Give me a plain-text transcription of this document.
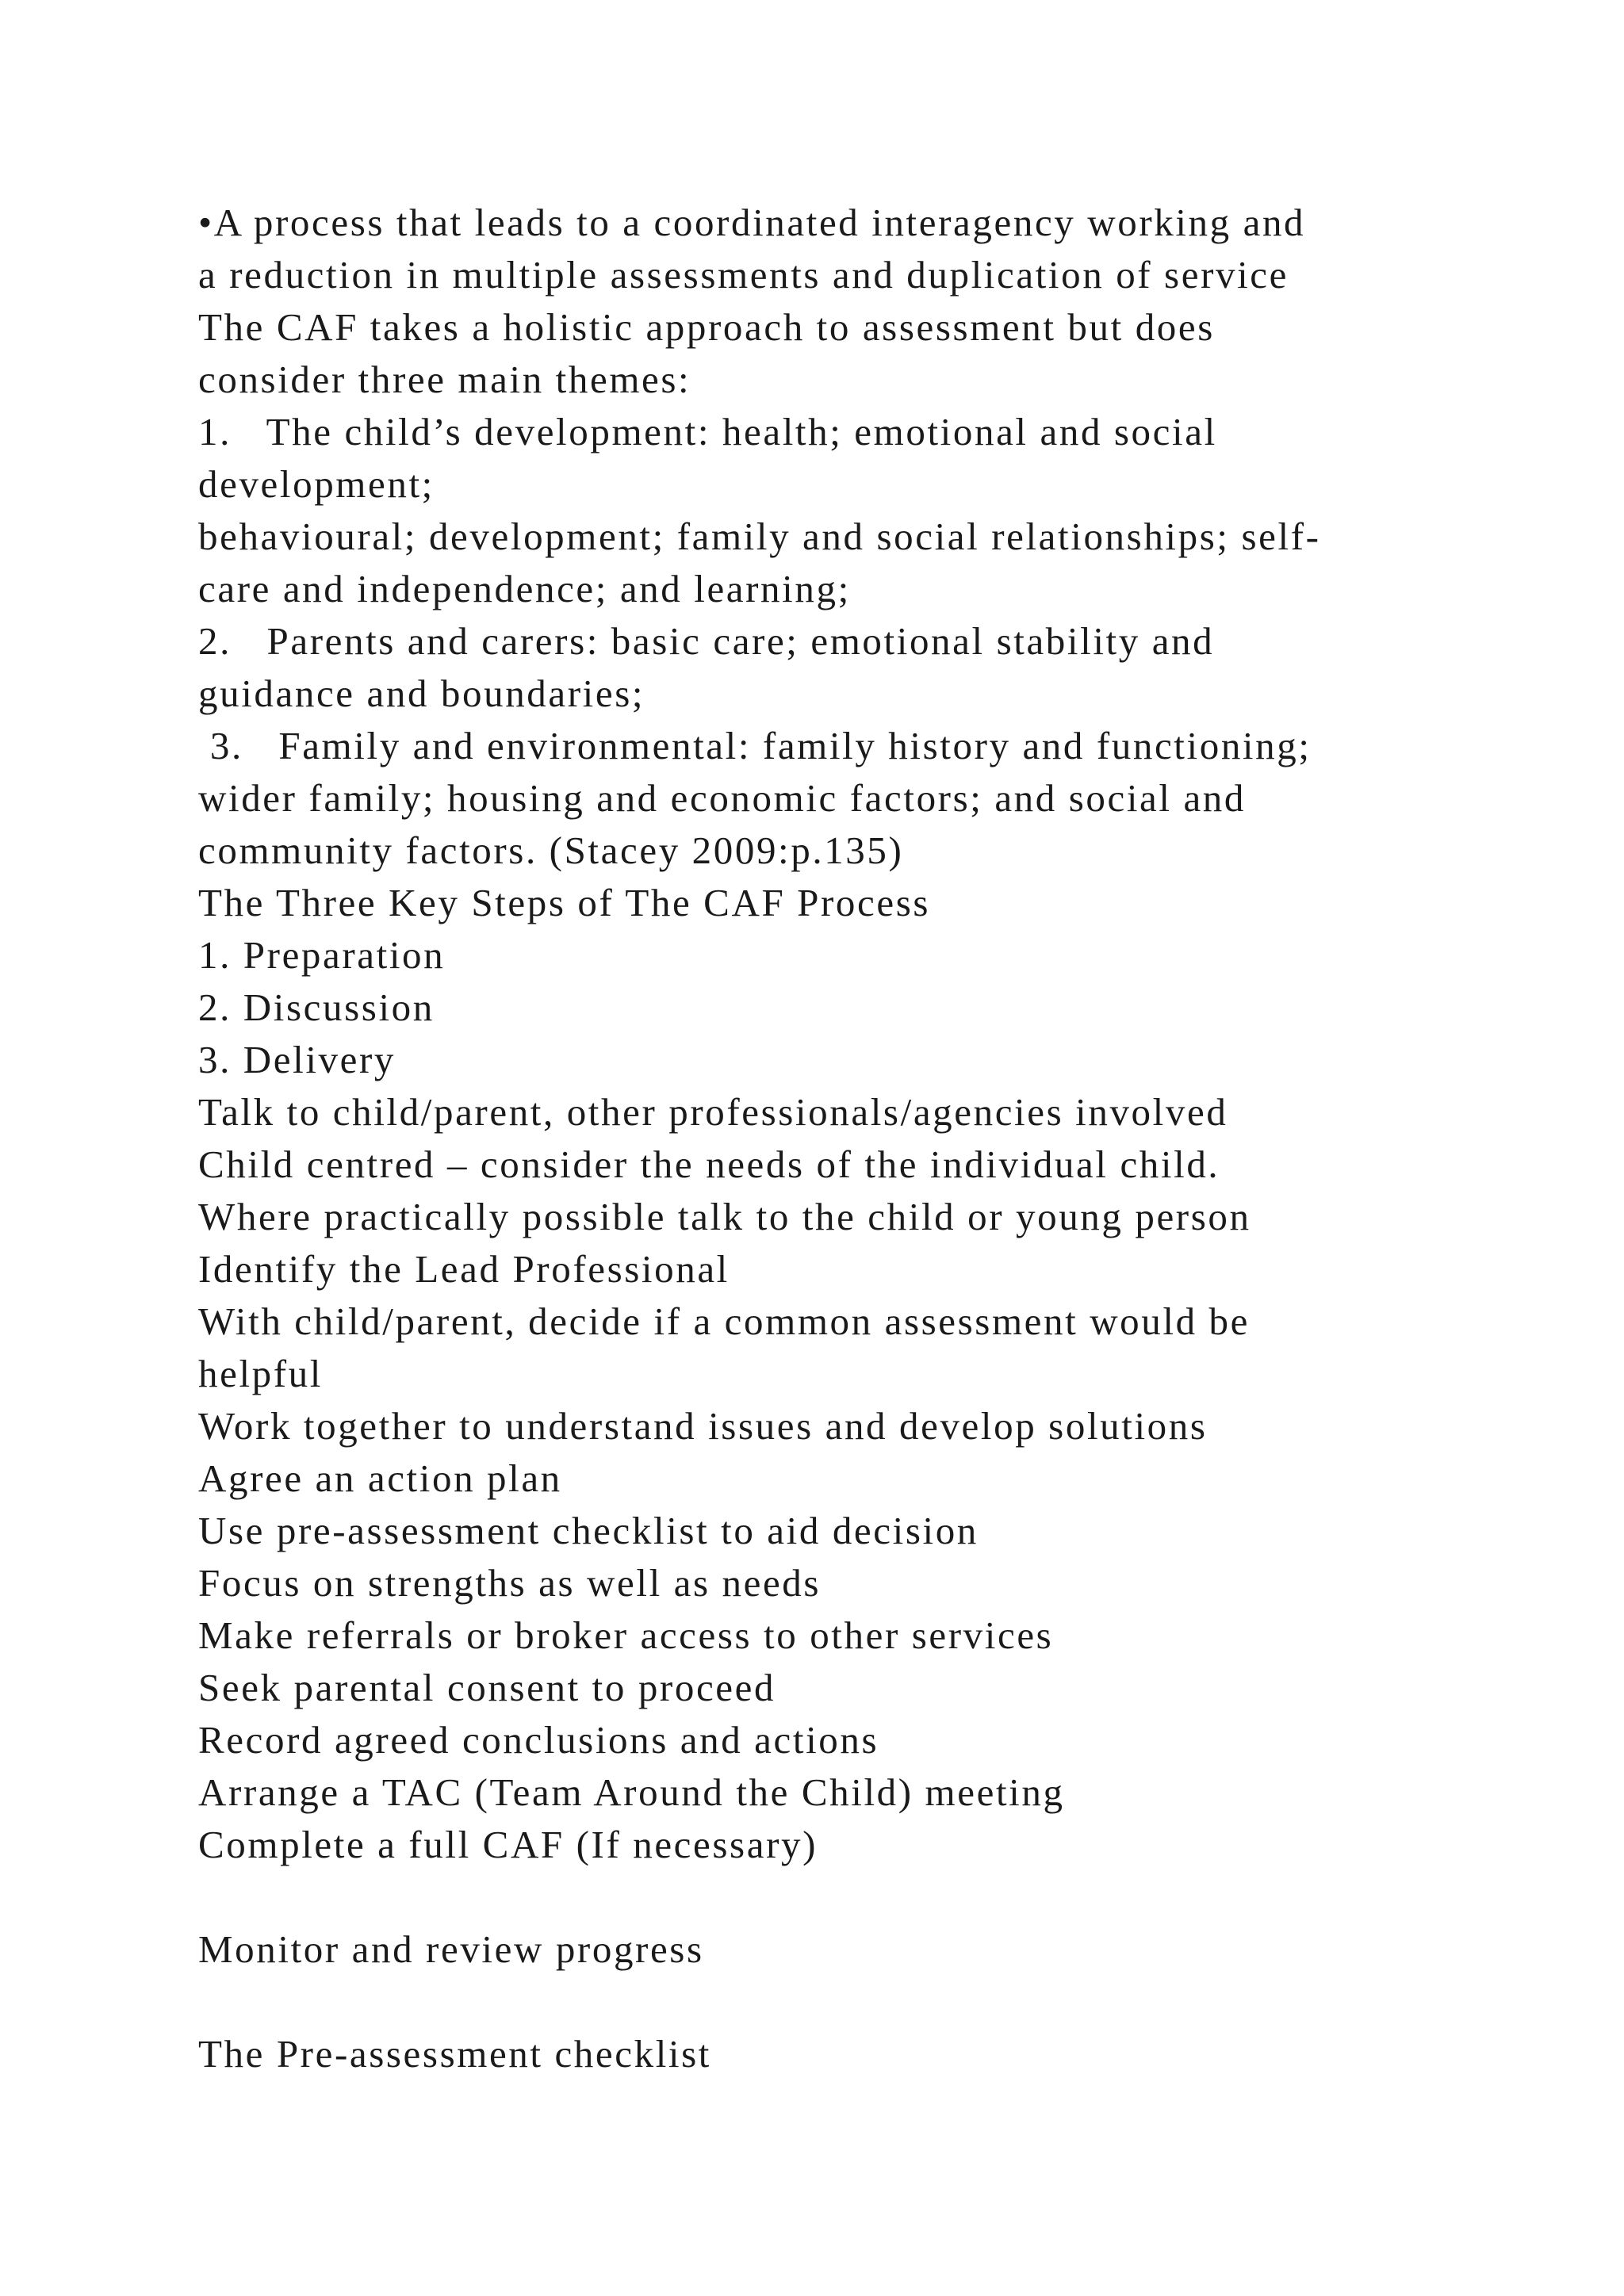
•A process that leads to a coordinated interagency working and
a reduction in multiple assessments and duplication of service
The CAF takes a holistic approach to assessment but does
consider three main themes:
1.   The child’s development: health; emotional and social
development;
behavioural; development; family and social relationships; self-
care and independence; and learning;
2.   Parents and carers: basic care; emotional stability and
guidance and boundaries;
3.   Family and environmental: family history and functioning;
wider family; housing and economic factors; and social and
community factors. (Stacey 2009:p.135)
The Three Key Steps of The CAF Process
1. Preparation
2. Discussion
3. Delivery
Talk to child/parent, other professionals/agencies involved
Child centred – consider the needs of the individual child.
Where practically possible talk to the child or young person
Identify the Lead Professional
With child/parent, decide if a common assessment would be
helpful
Work together to understand issues and develop solutions
Agree an action plan
Use pre-assessment checklist to aid decision
Focus on strengths as well as needs
Make referrals or broker access to other services
Seek parental consent to proceed
Record agreed conclusions and actions
Arrange a TAC (Team Around the Child) meeting
Complete a full CAF (If necessary)
Monitor and review progress
The Pre-assessment checklist
